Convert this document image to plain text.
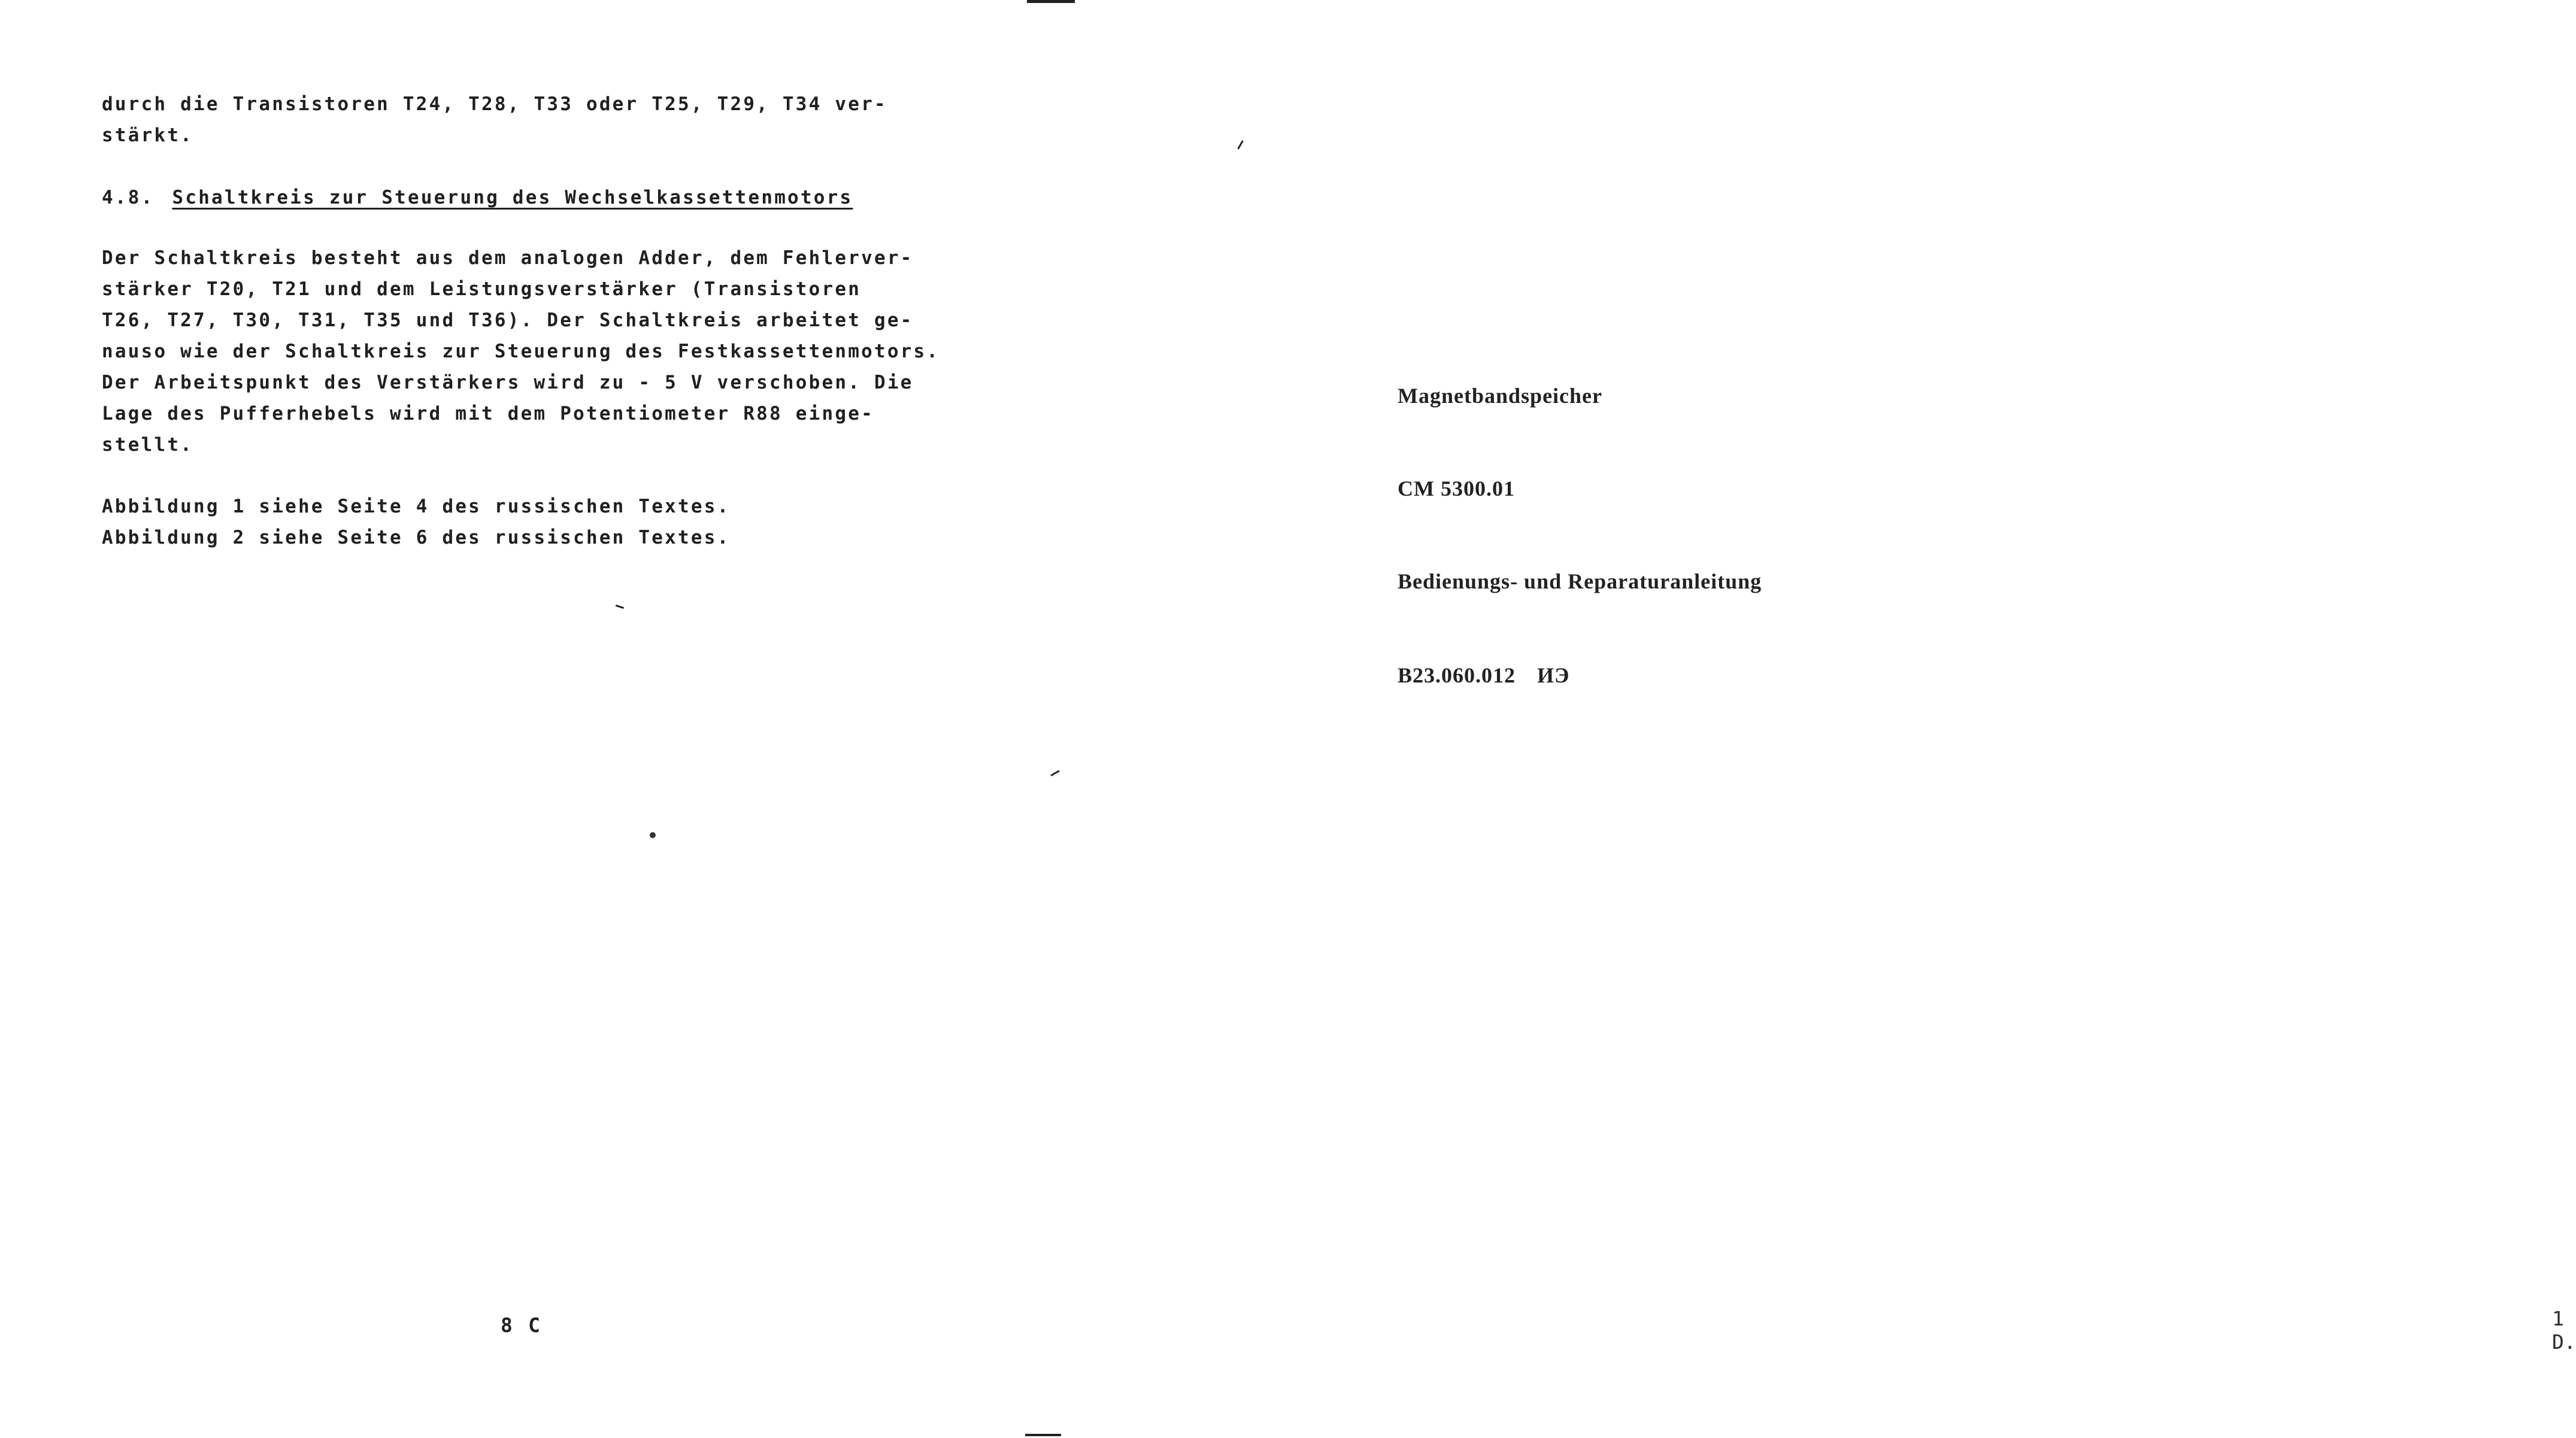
durch die Transistoren T24, T28, T33 oder T25, T29, T34 ver-
stärkt.
4.8. Schaltkreis zur Steuerung des Wechselkassettenmotors
Der Schaltkreis besteht aus dem analogen Adder, dem Fehlerver-
stärker T20, T21 und dem Leistungsverstärker (Transistoren
T26, T27, T30, T31, T35 und T36). Der Schaltkreis arbeitet ge-
nauso wie der Schaltkreis zur Steuerung des Festkassettenmotors.
Der Arbeitspunkt des Verstärkers wird zu - 5 V verschoben. Die
Lage des Pufferhebels wird mit dem Potentiometer R88 einge-
stellt.
Abbildung 1 siehe Seite 4 des russischen Textes.
Abbildung 2 siehe Seite 6 des russischen Textes.
8 C
Magnetbandspeicher
СМ 5300.01
Bedienungs- und Reparaturanleitung
B23.060.012 ИЭ
1 D.
